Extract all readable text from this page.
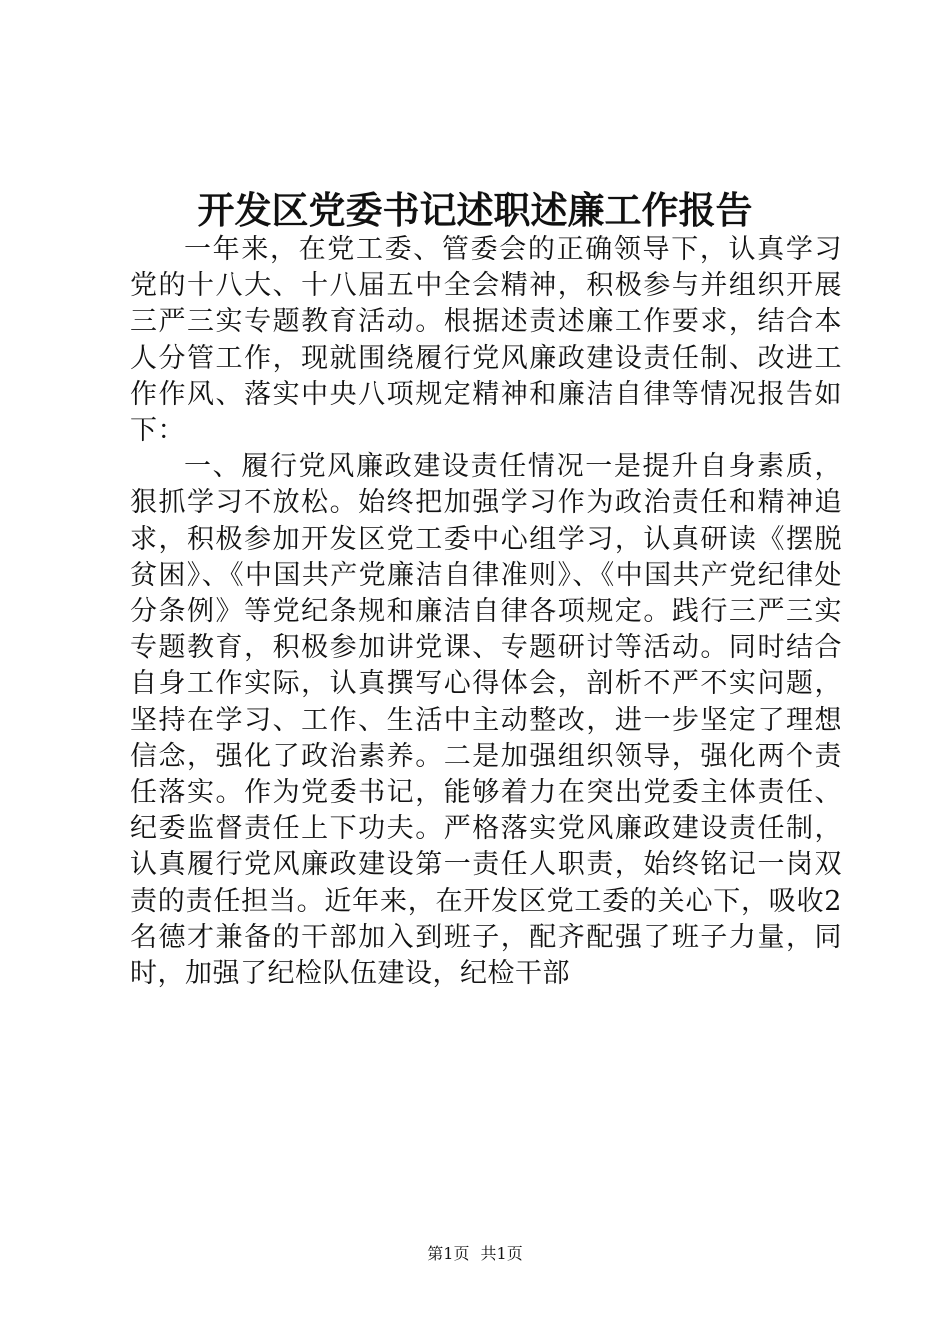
开发区党委书记述职述廉工作报告

一年来，在党工委、管委会的正确领导下，认真学习党的十八大、十八届五中全会精神，积极参与并组织开展三严三实专题教育活动。根据述责述廉工作要求，结合本人分管工作，现就围绕履行党风廉政建设责任制、改进工作作风、落实中央八项规定精神和廉洁自律等情况报告如下：

一、履行党风廉政建设责任情况一是提升自身素质，狠抓学习不放松。始终把加强学习作为政治责任和精神追求，积极参加开发区党工委中心组学习，认真研读《摆脱贫困》、《中国共产党廉洁自律准则》、《中国共产党纪律处分条例》等党纪条规和廉洁自律各项规定。践行三严三实专题教育，积极参加讲党课、专题研讨等活动。同时结合自身工作实际，认真撰写心得体会，剖析不严不实问题，坚持在学习、工作、生活中主动整改，进一步坚定了理想信念，强化了政治素养。二是加强组织领导，强化两个责任落实。作为党委书记，能够着力在突出党委主体责任、纪委监督责任上下功夫。严格落实党风廉政建设责任制，认真履行党风廉政建设第一责任人职责，始终铭记一岗双责的责任担当。近年来，在开发区党工委的关心下，吸收2名德才兼备的干部加入到班子，配齐配强了班子力量，同时，加强了纪检队伍建设，纪检干部

第1页 共1页
